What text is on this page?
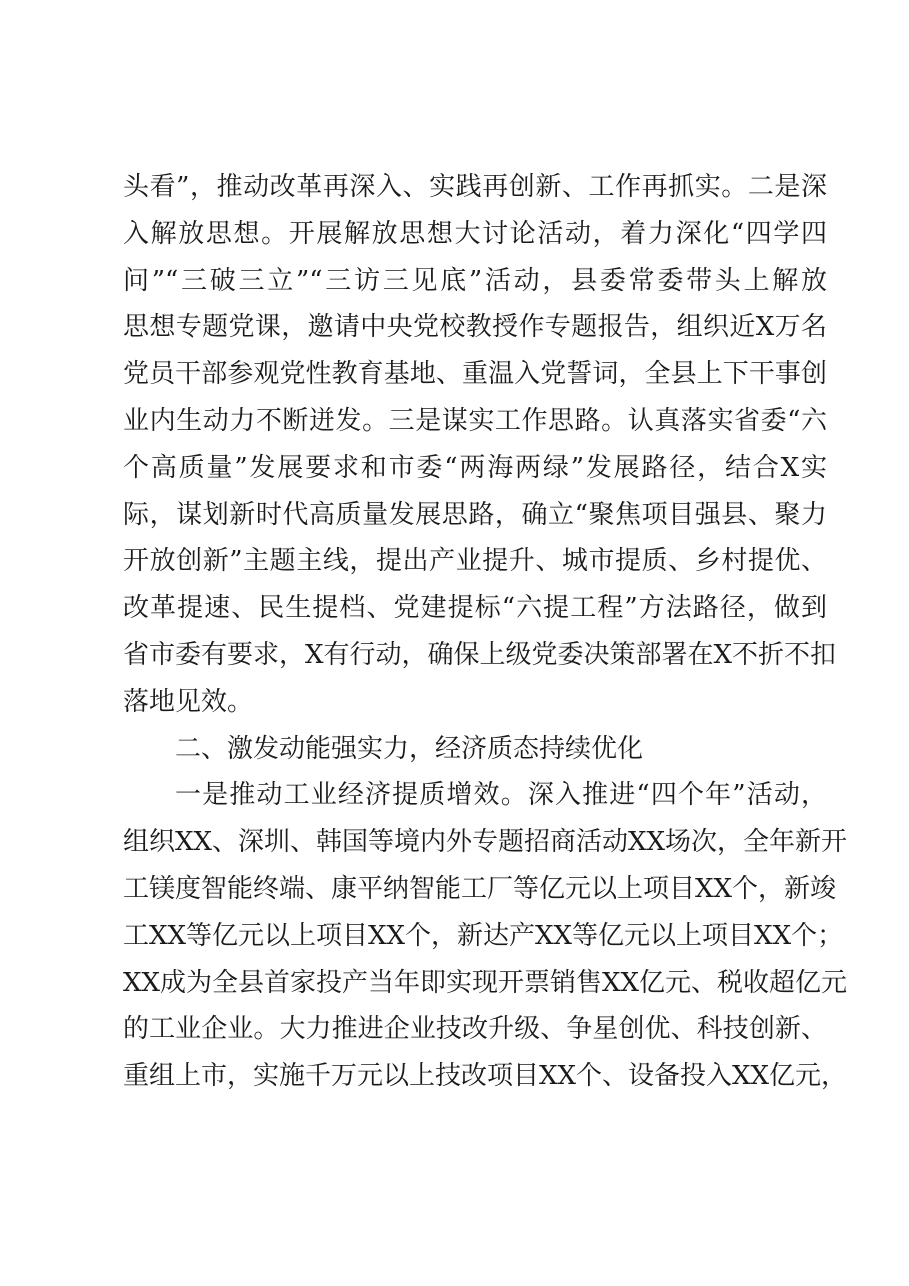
头看”，推动改革再深入、实践再创新、工作再抓实。二是深
入解放思想。开展解放思想大讨论活动，着力深化“四学四
问”“三破三立”“三访三见底”活动，县委常委带头上解放
思想专题党课，邀请中央党校教授作专题报告，组织近X万名
党员干部参观党性教育基地、重温入党誓词，全县上下干事创
业内生动力不断迸发。三是谋实工作思路。认真落实省委“六
个高质量”发展要求和市委“两海两绿”发展路径，结合X实
际，谋划新时代高质量发展思路，确立“聚焦项目强县、聚力
开放创新”主题主线，提出产业提升、城市提质、乡村提优、
改革提速、民生提档、党建提标“六提工程”方法路径，做到
省市委有要求，X有行动，确保上级党委决策部署在X不折不扣
落地见效。
二、激发动能强实力，经济质态持续优化
一是推动工业经济提质增效。深入推进“四个年”活动，
组织XX、深圳、韩国等境内外专题招商活动XX场次，全年新开
工镁度智能终端、康平纳智能工厂等亿元以上项目XX个，新竣
工XX等亿元以上项目XX个，新达产XX等亿元以上项目XX个；
XX成为全县首家投产当年即实现开票销售XX亿元、税收超亿元
的工业企业。大力推进企业技改升级、争星创优、科技创新、
重组上市，实施千万元以上技改项目XX个、设备投入XX亿元，
